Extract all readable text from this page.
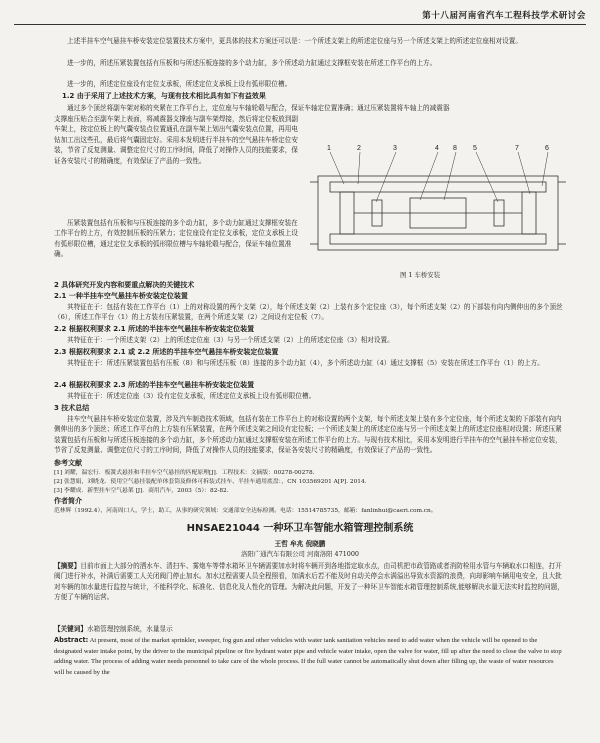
第十八届河南省汽车工程科技学术研讨会
上述半挂车空气悬挂车桥安装定位装置技术方案中，更具体的技术方案还可以是：一个所述支架上的所述定位座与另一个所述支架上的所述定位座相对设置。
进一步的，所述压紧装置包括有压板和与所述压板连接的多个动力缸，多个所述动力缸通过支撑框安装在所述工作平台的上方。
进一步的，所述定位座设有定位支承板，所述定位支承板上设有弧形限位槽。
1.2 由于采用了上述技术方案，与现有技术相比具有如下有益效果
通过多个顶丝将副车架对称的夹紧在工作平台上，定位座与车轴轮毂与配合，保证车轴定位置准确；通过压紧装置将车轴上的减震器
支撑座压贴合至副车架上表面，将减震器支撑座与副车架焊接，然后将定位板放到副车架上，按定位板上的气囊安装点位置通孔在副车架上划出气囊安装点位置，再用电钻加工出这些孔，最后将气囊固定好。采用本发明进行半挂车的空气悬挂车桥定位安装，节省了反复测量、调整定位尺寸的工序时间，降低了对操作人员的技能要求，保证各安装尺寸的精确度，有效保证了产品的一致性。
压紧装置包括有压板和与压板连接的多个动力缸，多个动力缸通过支撑框安装在工作平台的上方，有效控制压板的压紧力；定位座设有定位支承板，定位支承板上设有弧形限位槽，通过定位支承板的弧形限位槽与车轴轮毂与配合，保证车轴位置准确。
1	2	3	4 8 5	7	6
图 1 车桥安装
2 具体研究开发内容和要重点解决的关键技术
2.1 一种半挂车空气悬挂车桥安装定位装置
其特征在于：包括有装在工作平台（1）上的对称设置的两个支架（2），每个所述支架（2）上装有多个定位座（3），每个所述支架（2）的下部装有向内侧伸出的多个顶丝（6），所述工作平台（1）的上方装有压紧装置，在两个所述支架（2）之间设有定位板（7）。
2.2 根据权利要求 2.1 所述的半挂车空气悬挂车桥安装定位装置
其特征在于：一个所述支架（2）上的所述定位座（3）与另一个所述支架（2）上的所述定位座（3）相对设置。
2.3 根据权利要求 2.1 或 2.2 所述的半挂车空气悬挂车桥安装定位装置
其特征在于：所述压紧装置包括有压板（8）和与所述压板（8）连接的多个动力缸（4），多个所述动力缸（4）通过支撑框（5）安装在所述工作平台（1）的上方。
2.4 根据权利要求 2.3 所述的半挂车空气悬挂车桥安装定位装置
其特征在于：所述定位座（3）设有定位支承板，所述定位支承板上设有弧形限位槽。
3 技术总结
挂车空气悬挂车桥安装定位装置，涉及汽车制造技术领域，包括有装在工作平台上的对称设置的两个支架，每个所述支架上装有多个定位座，每个所述支架的下部装有向内侧伸出的多个顶丝；所述工作平台的上方装有压紧装置，在两个所述支架之间设有定位板；一个所述支架上的所述定位座与另一个所述支架上的所述定位座相对设置；所述压紧装置包括有压板和与所述压板连接的多个动力缸，多个所述动力缸通过支撑框安装在所述工作平台的上方。与现有技术相比，采用本发明进行半挂车的空气悬挂车桥定位安装，节省了反复测量、调整定位尺寸的工序时间，降低了对操作人员的技能要求，保证各安装尺寸的精确度，有效保证了产品的一致性。
参考文献
[1] 刘耀，温宏行．板簧式悬挂和半挂车空气悬挂的匹配原理[J]．工程技术：文摘版：00278-00278.
[2] 张慧娟，刘晓龙．使用空气悬挂装配单体套筒及修体可拆装式挂车、半挂车通用底盘：，CN 103569201 A[P]. 2014.
[3] 李耀成．新型挂车空气悬架 [J]．商用汽车，2003（5）：82-82.
作者简介
范林辉（1992.4），河南周口人，学士，助工，从事的研究领域：交通部安全达标检测。电话：15514785735，邮箱：fanlinhui@caeri.com.cn。
HNSAE21044 一种环卫车智能水箱管理控制系统
王哲 牟兆 倪晓鹏
洛阳广通汽车有限公司 河南洛阳 471000
【摘要】目前市面上大部分的洒水车、清扫车、雾炮车等带水箱环卫车辆需要加水时将车辆开到各地指定取水点，由司机把市政管路或者消防栓用水管与车辆取水口相连，打开阀门进行补水，补满后需要工人关闭阀门停止加水。加水过程需要人员全程照看，加满水后若不能及时自动关停会水满溢出导致水资源的浪费，向却影响车辆用电安全，且大批对车辆的加水量进行监控与统计，不能科学化、标准化、信息化及人性化的管理。为解决此问题，开发了一种环卫车智能水箱管理控制系统,能够解决水量无法实时监控的问题，方便了车辆的运营。
【关键词】水箱管理控制系统，水量显示
Abstract: At present, most of the market sprinkler, sweeper, fog gun and other vehicles with water tank sanitation vehicles need to add water when the vehicle will be opened to the designated water intake point, by the driver to the municipal pipeline or fire hydrant water pipe and vehicle water intake, open the valve for water, fill up after the need to close the valve to stop adding water. The process of adding water needs personnel to take care of the whole process. If the full water cannot be automatically shut down after filling up, the waste of water resources will be caused by the
